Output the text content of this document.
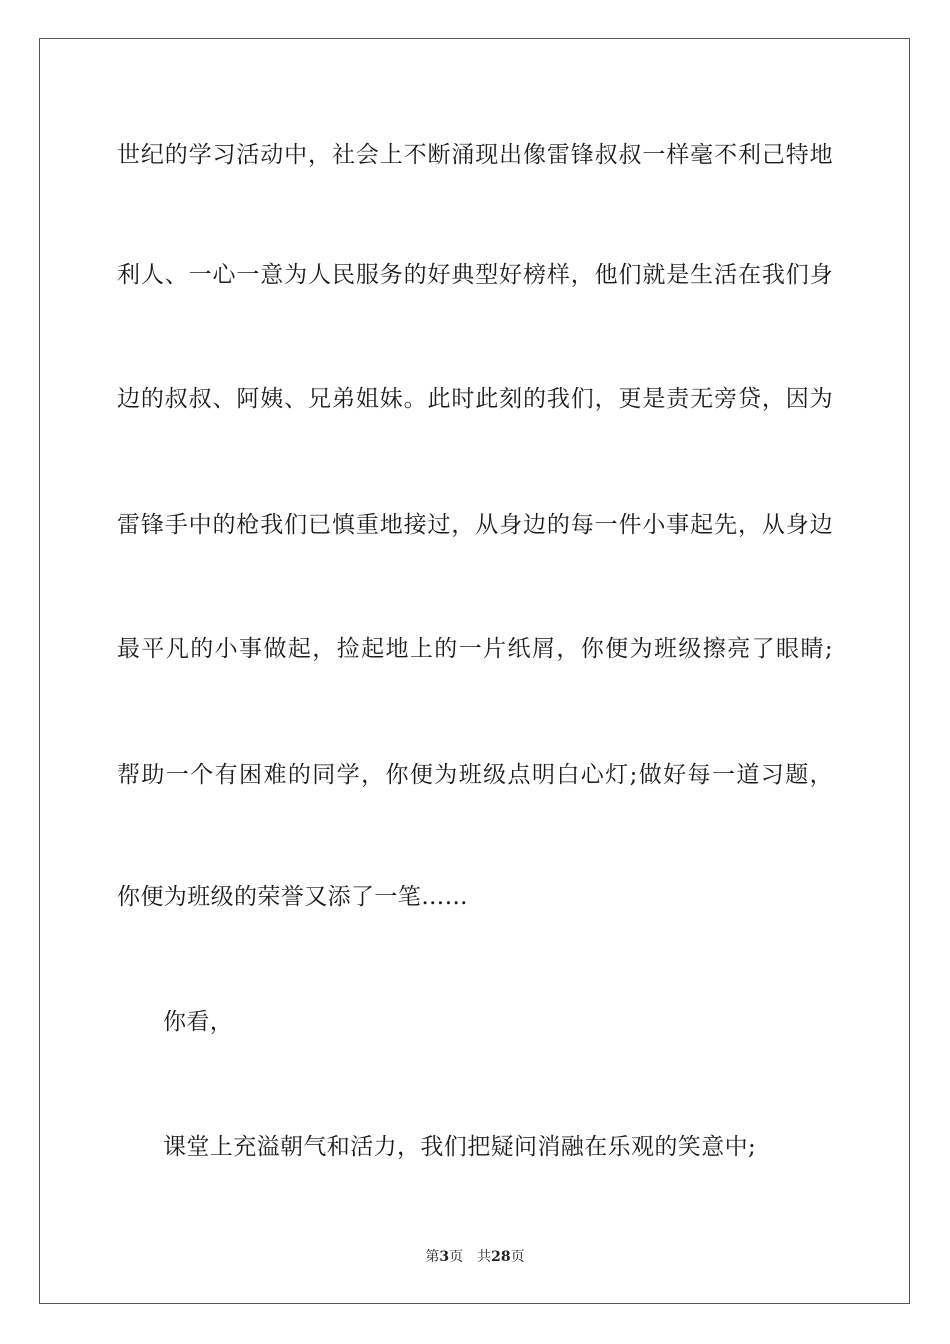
世纪的学习活动中，社会上不断涌现出像雷锋叔叔一样毫不利己特地
利人、一心一意为人民服务的好典型好榜样，他们就是生活在我们身
边的叔叔、阿姨、兄弟姐妹。此时此刻的我们，更是责无旁贷，因为
雷锋手中的枪我们已慎重地接过，从身边的每一件小事起先，从身边
最平凡的小事做起，捡起地上的一片纸屑，你便为班级擦亮了眼睛;
帮助一个有困难的同学，你便为班级点明白心灯;做好每一道习题，
你便为班级的荣誉又添了一笔……
你看，
课堂上充溢朝气和活力，我们把疑问消融在乐观的笑意中;
第3页 共28页
